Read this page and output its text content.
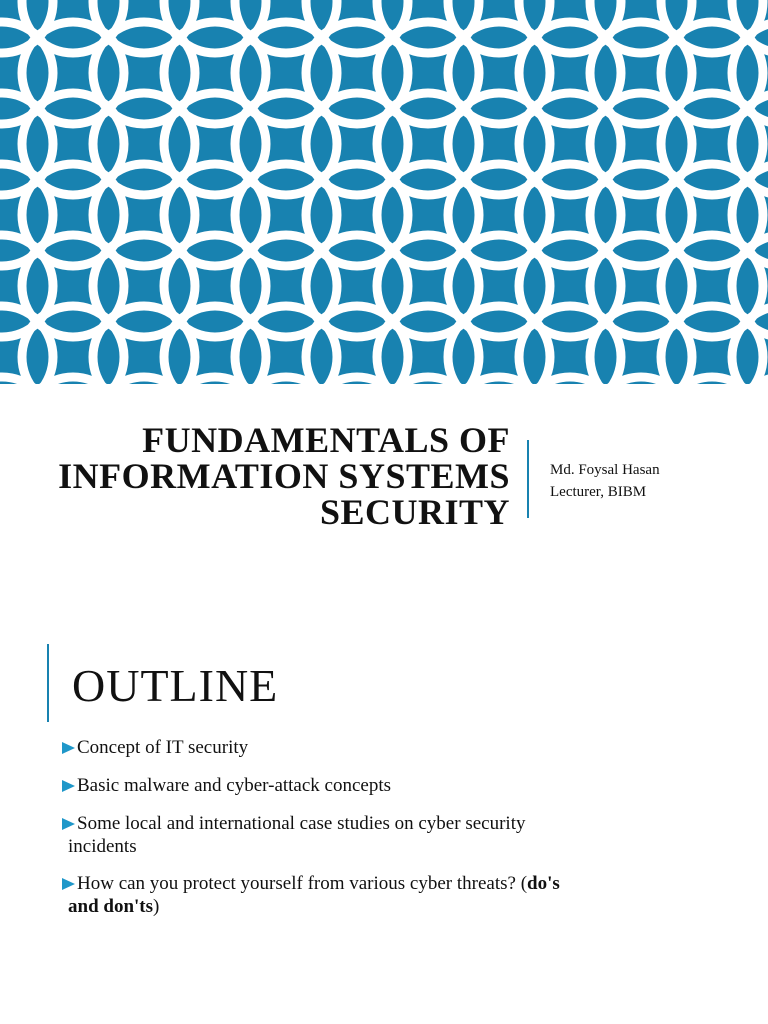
FUNDAMENTALS OF
INFORMATION SYSTEMS
SECURITY
Md. Foysal Hasan
Lecturer, BIBM
OUTLINE
Concept of IT security
Basic malware and cyber-attack concepts
Some local and international case studies on cyber security
incidents
How can you protect yourself from various cyber threats? (do's
and don'ts)
